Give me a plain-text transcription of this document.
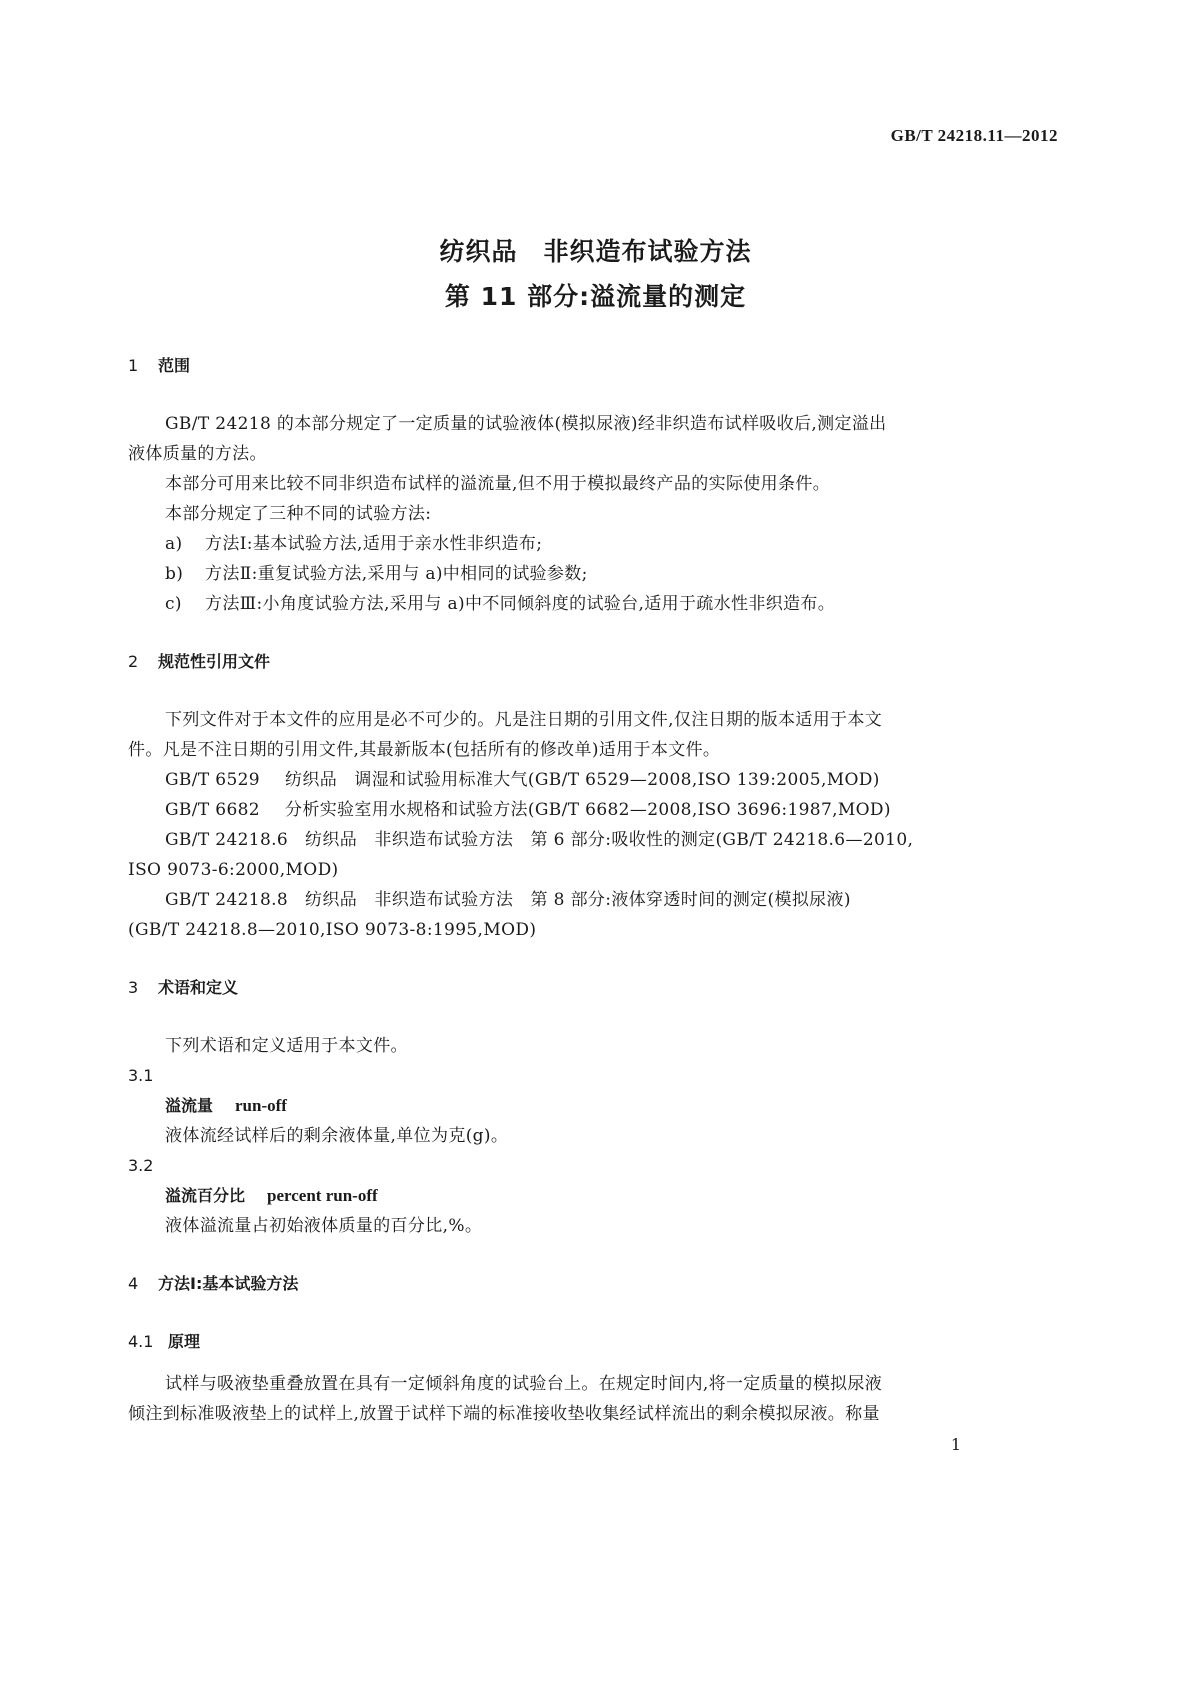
GB/T 24218.11—2012
纺织品　非织造布试验方法
第 11 部分:溢流量的测定
1 范围
GB/T 24218 的本部分规定了一定质量的试验液体(模拟尿液)经非织造布试样吸收后,测定溢出
液体质量的方法。
本部分可用来比较不同非织造布试样的溢流量,但不用于模拟最终产品的实际使用条件。
本部分规定了三种不同的试验方法:
a) 方法Ⅰ:基本试验方法,适用于亲水性非织造布;
b) 方法Ⅱ:重复试验方法,采用与 a)中相同的试验参数;
c) 方法Ⅲ:小角度试验方法,采用与 a)中不同倾斜度的试验台,适用于疏水性非织造布。
2 规范性引用文件
下列文件对于本文件的应用是必不可少的。凡是注日期的引用文件,仅注日期的版本适用于本文
件。凡是不注日期的引用文件,其最新版本(包括所有的修改单)适用于本文件。
GB/T 6529 纺织品　调湿和试验用标准大气(GB/T 6529—2008,ISO 139:2005,MOD)
GB/T 6682 分析实验室用水规格和试验方法(GB/T 6682—2008,ISO 3696:1987,MOD)
GB/T 24218.6 纺织品　非织造布试验方法　第 6 部分:吸收性的测定(GB/T 24218.6—2010,
ISO 9073-6:2000,MOD)
GB/T 24218.8 纺织品　非织造布试验方法　第 8 部分:液体穿透时间的测定(模拟尿液)
(GB/T 24218.8—2010,ISO 9073-8:1995,MOD)
3 术语和定义
下列术语和定义适用于本文件。
3.1
溢流量 run-off
液体流经试样后的剩余液体量,单位为克(g)。
3.2
溢流百分比 percent run-off
液体溢流量占初始液体质量的百分比,%。
4 方法Ⅰ:基本试验方法
4.1 原理
试样与吸液垫重叠放置在具有一定倾斜角度的试验台上。在规定时间内,将一定质量的模拟尿液
倾注到标准吸液垫上的试样上,放置于试样下端的标准接收垫收集经试样流出的剩余模拟尿液。称量
1
